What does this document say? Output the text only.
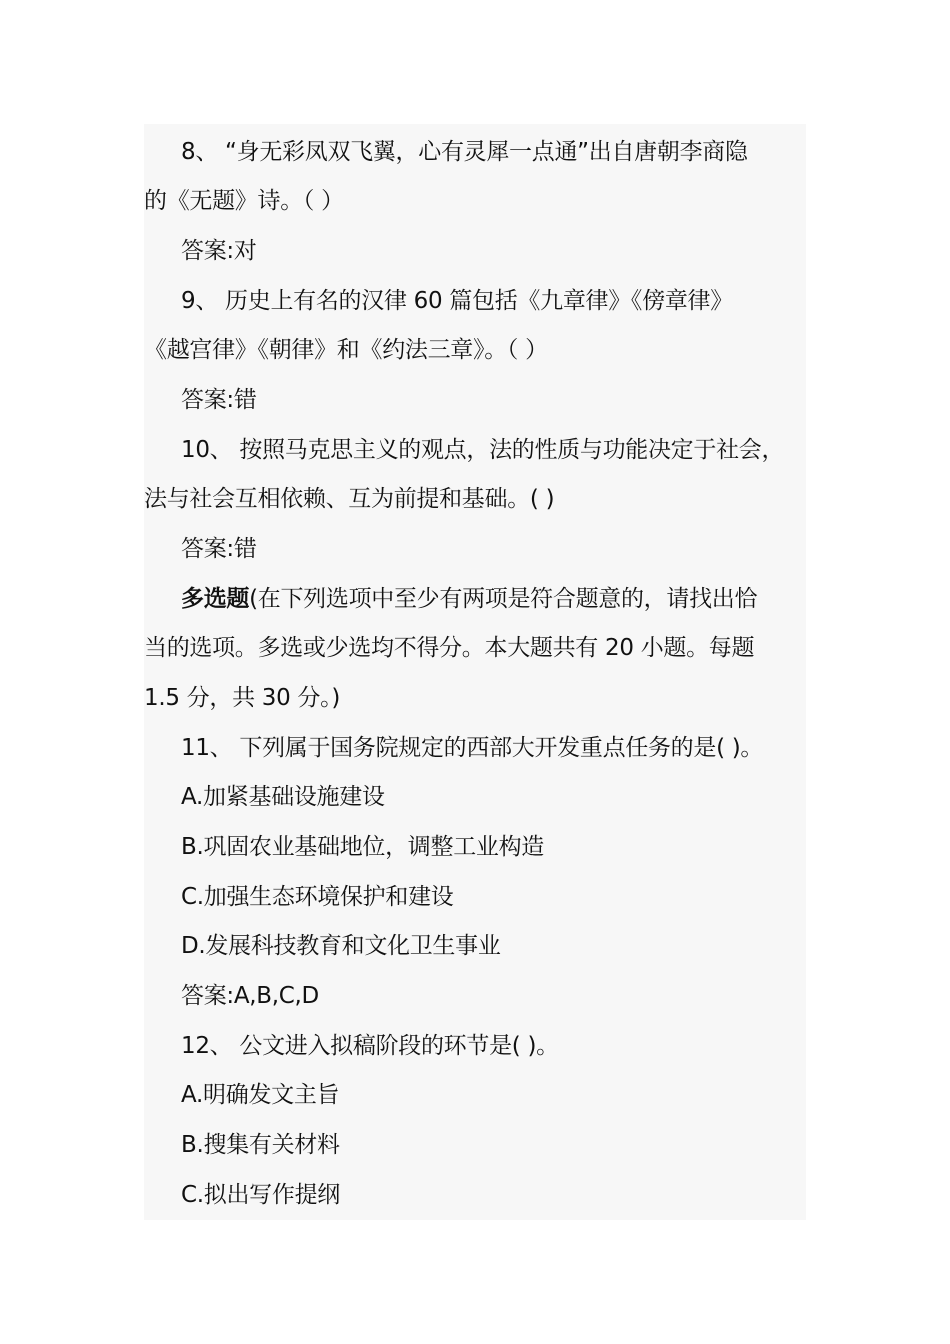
8、 “身无彩凤双飞翼，心有灵犀一点通”出自唐朝李商隐
的《无题》诗。（ ）
答案:对
9、 历史上有名的汉律 60 篇包括《九章律》《傍章律》
《越宫律》《朝律》和《约法三章》。（ ）
答案:错
10、 按照马克思主义的观点，法的性质与功能决定于社会，
法与社会互相依赖、互为前提和基础。( )
答案:错
多选题(在下列选项中至少有两项是符合题意的，请找出恰
当的选项。多选或少选均不得分。本大题共有 20 小题。每题
1.5 分，共 30 分。)
11、 下列属于国务院规定的西部大开发重点任务的是( )。
A.加紧基础设施建设
B.巩固农业基础地位，调整工业构造
C.加强生态环境保护和建设
D.发展科技教育和文化卫生事业
答案:A,B,C,D
12、 公文进入拟稿阶段的环节是( )。
A.明确发文主旨
B.搜集有关材料
C.拟出写作提纲
